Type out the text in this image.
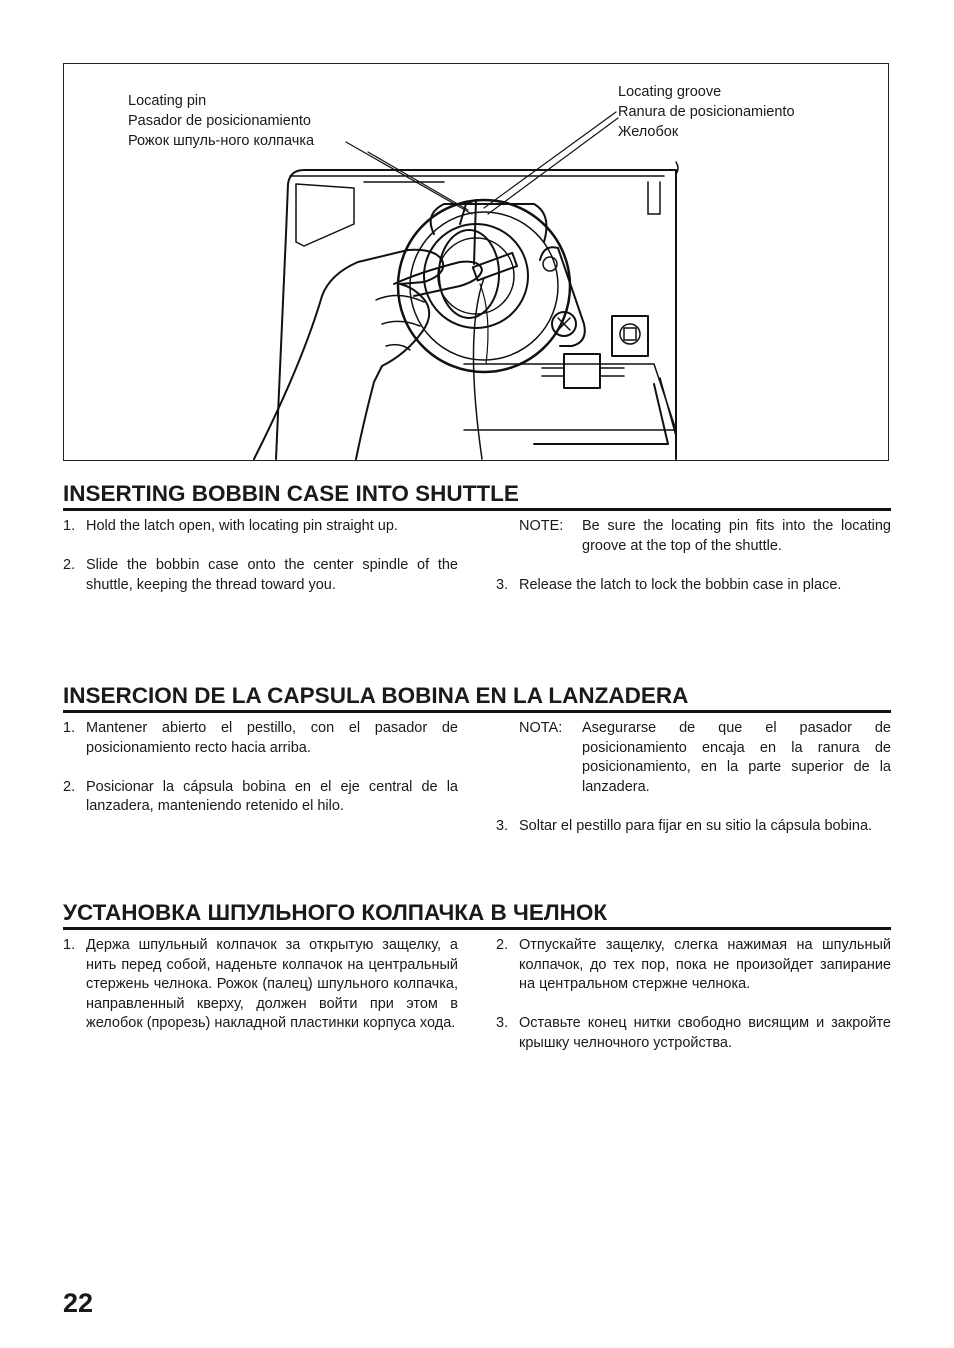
Locating pin
Pasador de posicionamiento
Рожок шпуль-ного колпачка
Locating groove
Ranura de posicionamiento
Желобок
INSERTING BOBBIN CASE INTO SHUTTLE
1. Hold the latch open, with locating pin straight up.
2. Slide the bobbin case onto the center spindle of the shuttle, keeping the thread toward you.
NOTE: Be sure the locating pin fits into the locating groove at the top of the shuttle.
3. Release the latch to lock the bobbin case in place.
INSERCION DE LA CAPSULA BOBINA EN LA LANZADERA
1. Mantener abierto el pestillo, con el pasador de posicionamiento recto hacia arriba.
2. Posicionar la cápsula bobina en el eje central de la lanzadera, manteniendo retenido el hilo.
NOTA: Asegurarse de que el pasador de posicionamiento encaja en la ranura de posicionamiento, en la parte superior de la lanzadera.
3. Soltar el pestillo para fijar en su sitio la cápsula bobina.
УСТАНОВКА ШПУЛЬНОГО КОЛПАЧКА В ЧЕЛНОК
1. Держа шпульный колпачок за открытую защелку, а нить перед собой, наденьте колпачок на центральный стержень челнока. Рожок (палец) шпульного колпачка, направленный кверху, должен войти при этом в желобок (прорезь) накладной пластинки корпуса хода.
2. Отпускайте защелку, слегка нажимая на шпульный колпачок, до тех пор, пока не произойдет запирание на центральном стержне челнока.
3. Оставьте конец нитки свободно висящим и закройте крышку челночного устройства.
22
